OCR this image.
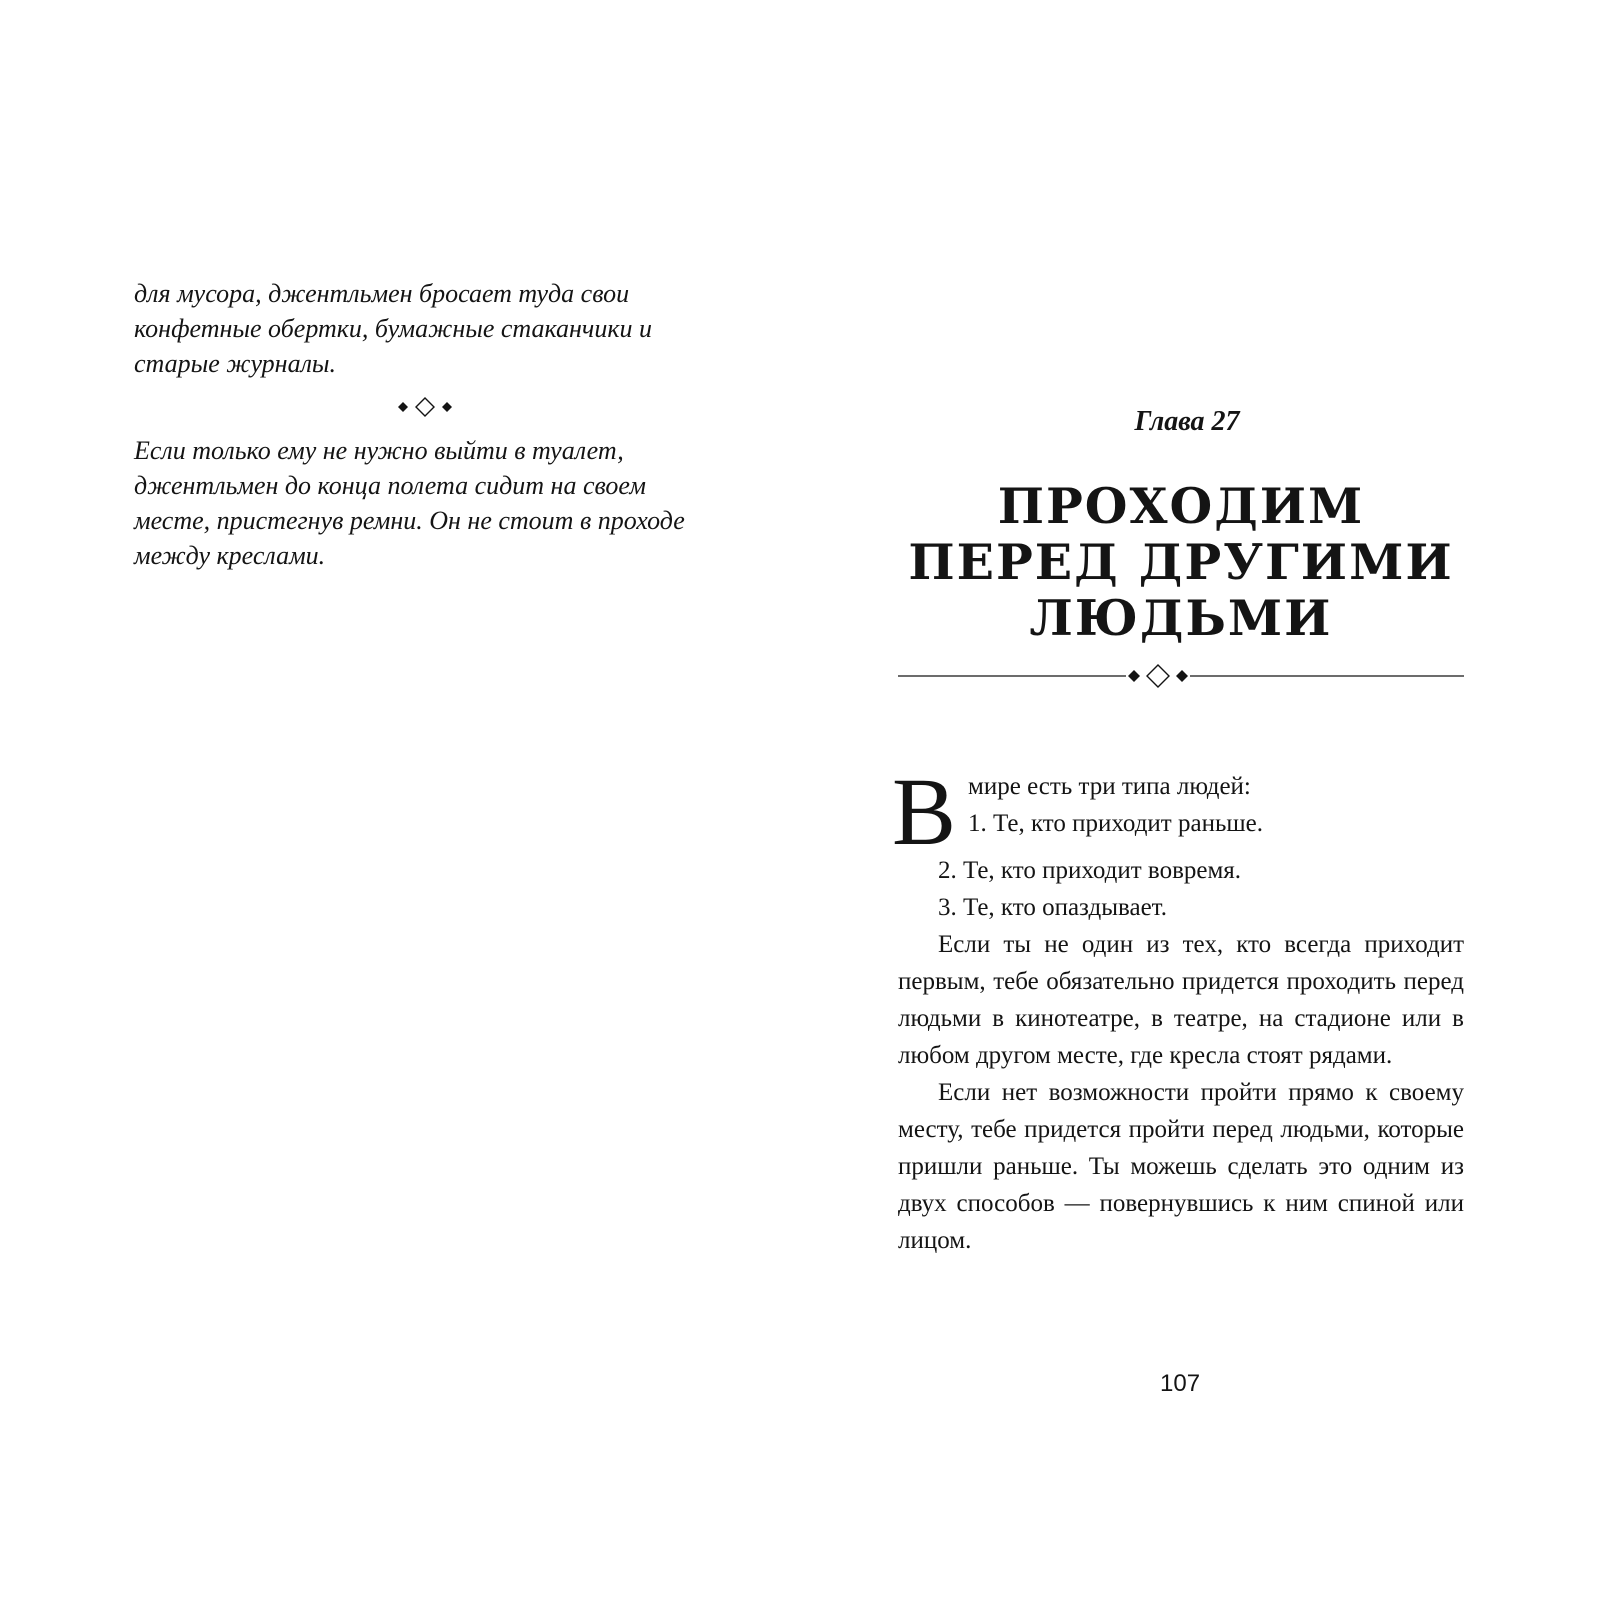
для мусора, джентльмен бросает туда свои конфетные обертки, бумажные стаканчики и старые журналы.

Если только ему не нужно выйти в туалет, джентльмен до конца полета сидит на своем месте, пристегнув ремни. Он не стоит в проходе между креслами.

Глава 27

ПРОХОДИМ ПЕРЕД ДРУГИМИ ЛЮДЬМИ
В мире есть три типа людей:
1. Те, кто приходит раньше.

2. Те, кто приходит вовремя.

3. Те, кто опаздывает.

Если ты не один из тех, кто всегда приходит первым, тебе обязательно придется проходить перед людьми в кинотеатре, в театре, на стадионе или в любом другом месте, где кресла стоят рядами.

Если нет возможности пройти прямо к своему месту, тебе придется пройти перед людьми, которые пришли раньше. Ты можешь сделать это одним из двух способов — повернувшись к ним спиной или лицом.

107
